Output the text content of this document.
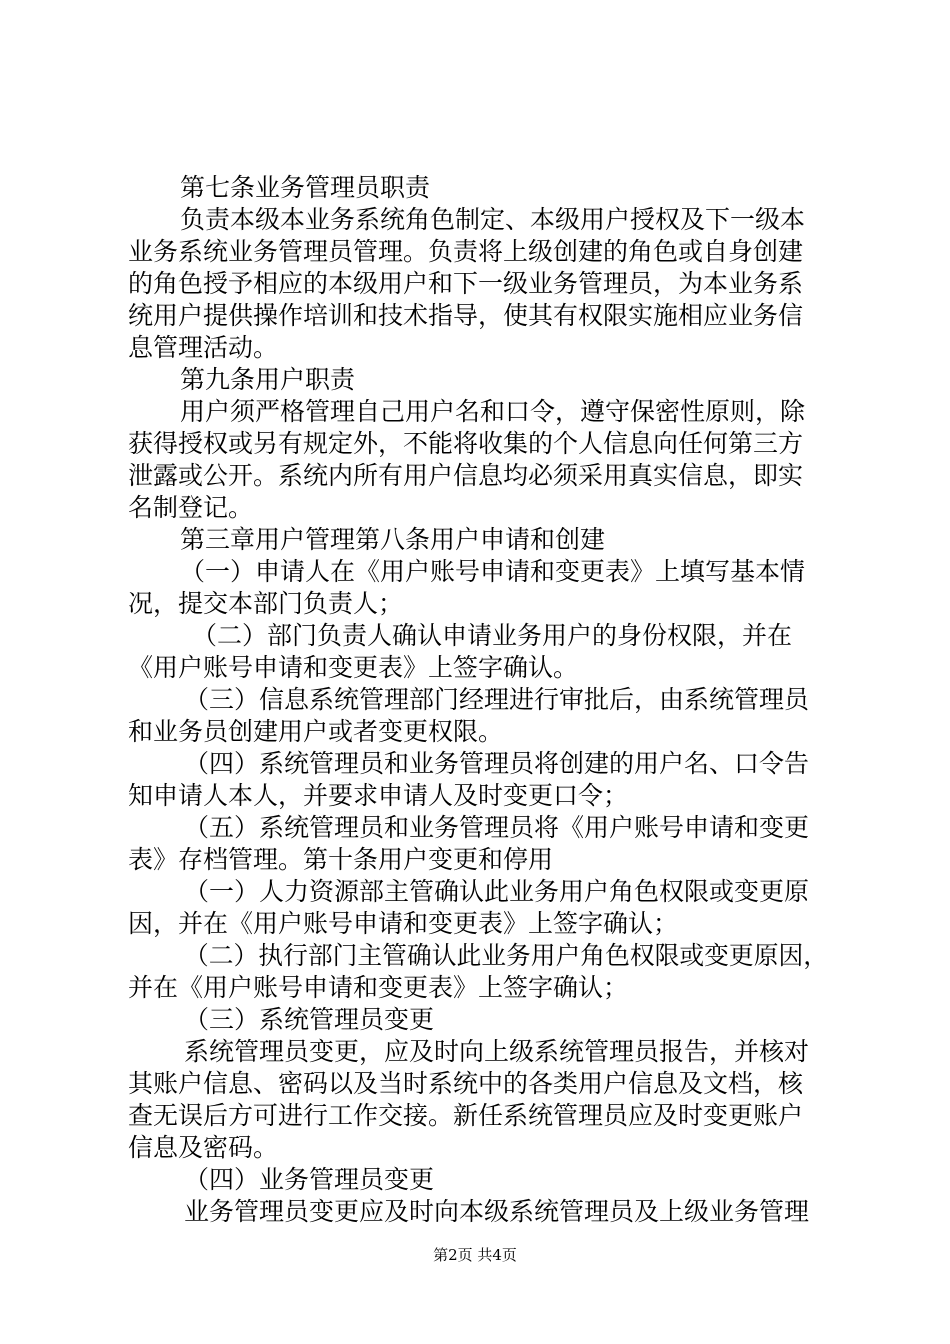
第七条业务管理员职责
负责本级本业务系统角色制定、本级用户授权及下一级本
业务系统业务管理员管理。负责将上级创建的角色或自身创建
的角色授予相应的本级用户和下一级业务管理员，为本业务系
统用户提供操作培训和技术指导，使其有权限实施相应业务信
息管理活动。
第九条用户职责
用户须严格管理自己用户名和口令，遵守保密性原则，除
获得授权或另有规定外，不能将收集的个人信息向任何第三方
泄露或公开。系统内所有用户信息均必须采用真实信息，即实
名制登记。
第三章用户管理第八条用户申请和创建
（一）申请人在《用户账号申请和变更表》上填写基本情
况，提交本部门负责人；
（二）部门负责人确认申请业务用户的身份权限，并在
《用户账号申请和变更表》上签字确认。
（三）信息系统管理部门经理进行审批后，由系统管理员
和业务员创建用户或者变更权限。
（四）系统管理员和业务管理员将创建的用户名、口令告
知申请人本人，并要求申请人及时变更口令；
（五）系统管理员和业务管理员将《用户账号申请和变更
表》存档管理。第十条用户变更和停用
（一）人力资源部主管确认此业务用户角色权限或变更原
因，并在《用户账号申请和变更表》上签字确认；
（二）执行部门主管确认此业务用户角色权限或变更原因，
并在《用户账号申请和变更表》上签字确认；
（三）系统管理员变更
系统管理员变更，应及时向上级系统管理员报告，并核对
其账户信息、密码以及当时系统中的各类用户信息及文档，核
查无误后方可进行工作交接。新任系统管理员应及时变更账户
信息及密码。
（四）业务管理员变更
业务管理员变更应及时向本级系统管理员及上级业务管理
第2页 共4页
